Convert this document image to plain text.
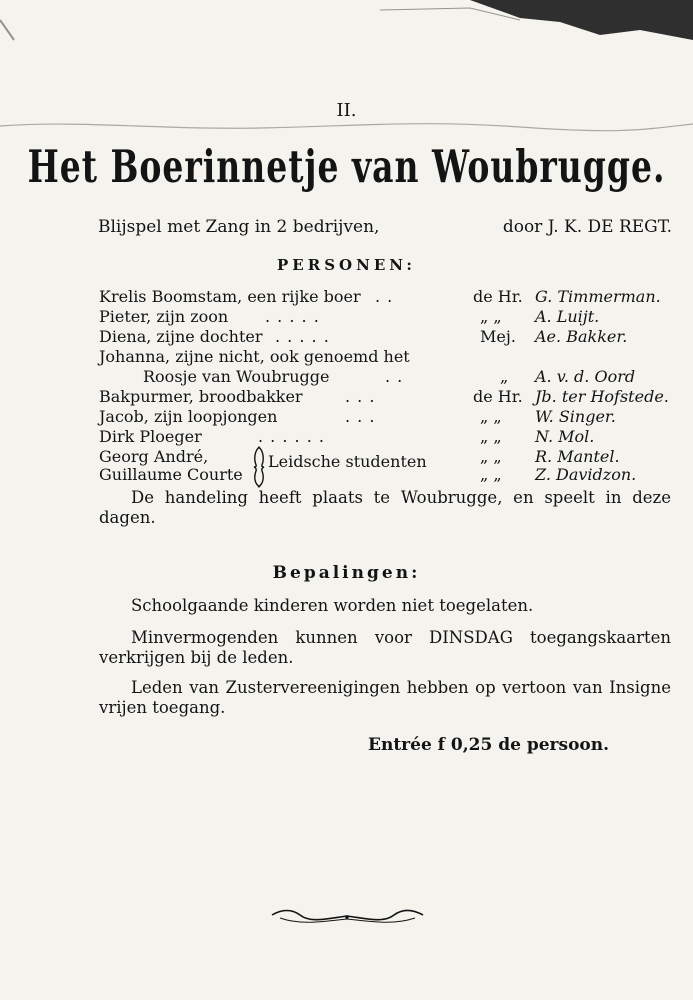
II.
Het Boerinnetje van Woubrugge.
Blijspel met Zang in 2 bedrijven,	door J. K. DE REGT.
PERSONEN:
Krelis Boomstam, een rijke boer . .	de Hr. G. Timmerman.
Pieter, zijn zoon . . . . .	„ „ A. Luijt.
Diena, zijne dochter . . . . .	Mej. Ae. Bakker.
Johanna, zijne nicht, ook genoemd het
Roosje van Woubrugge	. .	„ A. v. d. Oord
Bakpurmer, broodbakker	. . .	de Hr. Jb. ter Hofstede.
Jacob, zijn loopjongen	. . .	„ „ W. Singer.
Dirk Ploeger	. . . . . .	„ „ N. Mol.
Georg André,	„ „ R. Mantel.
Guillaume Courte	„ „ Z. Davidzon.
Leidsche studenten
De handeling heeft plaats te Woubrugge, en speelt in deze dagen.
Bepalingen:
Schoolgaande kinderen worden niet toegelaten.
Minvermogenden kunnen voor DINSDAG toegangskaarten verkrijgen bij de leden.
Leden van Zustervereenigingen hebben op vertoon van Insigne vrijen toegang.
Entrée f 0,25 de persoon.
